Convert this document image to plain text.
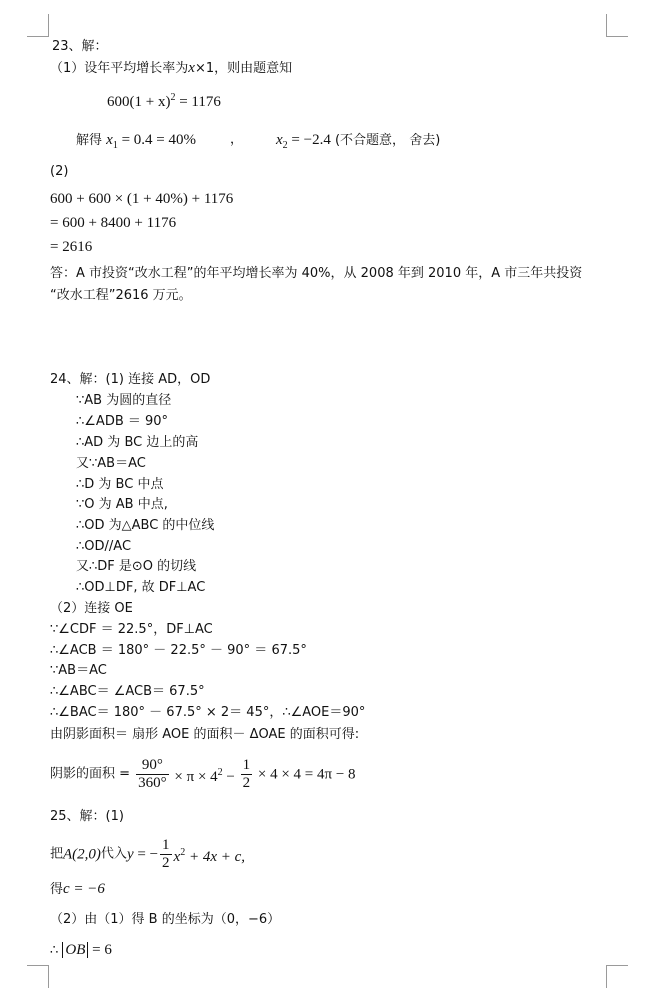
23、解：
（1）设年平均增长率为x×1，则由题意知
$600(1 + x)^2 = 1176$
解得 $x_1 = 0.4 = 40\%$	， $x_2 = -2.4$ (不合题意， 舍去)
(2)
600 + 600 × (1 + 40%) + 1176
= 600 + 8400 + 1176
= 2616
答：A 市投资“改水工程”的年平均增长率为 40%，从 2008 年到 2010 年，A 市三年共投资
“改水工程”2616 万元。
24、解：(1) 连接 AD，OD
∵AB 为圆的直径
∴∠ADB ＝ 90°
∴AD 为 BC 边上的高
又∵AB＝AC
∴D 为 BC 中点
∵O 为 AB 中点,
∴OD 为△ABC 的中位线
∴OD//AC
又∴DF 是⊙O 的切线
∴OD⊥DF, 故 DF⊥AC
（2）连接 OE
∵∠CDF ＝ 22.5°，DF⊥AC
∴∠ACB ＝ 180° － 22.5° － 90° ＝ 67.5°
∵AB＝AC
∴∠ABC＝ ∠ACB＝ 67.5°
∴∠BAC＝ 180° － 67.5° × 2＝ 45°，∴∠AOE＝90°
由阴影面积＝ 扇形 AOE 的面积－ ΔOAE 的面积可得:
阴影的面积 = $\frac{90^\circ}{360^\circ} \times \pi \times 4^2 - \frac{1}{2} \times 4 \times 4 = 4\pi - 8$
25、解：(1)
把A(2,0)代入y = − $\frac{1}{2} x^2 + 4x + c$,
得c = −6
（2）由（1）得 B 的坐标为（0，−6）
∴ OB = 6
